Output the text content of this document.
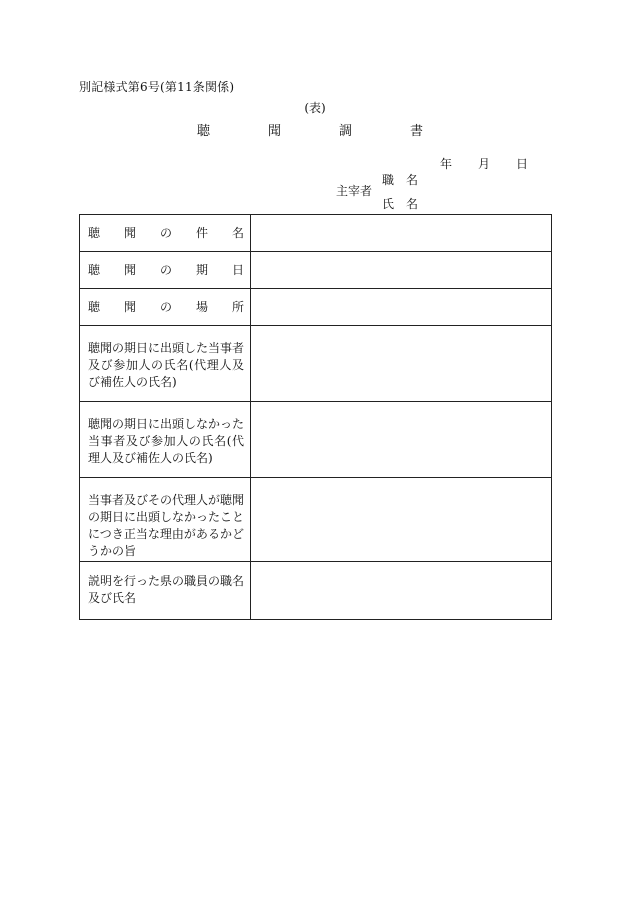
別記様式第6号(第11条関係)
(表)
聴 聞 調 書
年	月	日
主宰者
職名
氏名
聴 聞 の 件 名	

聴 聞 の 期 日	

聴 聞 の 場 所	

聴聞の期日に出頭した当事者及び参加人の氏名(代理人及び補佐人の氏名)	

聴聞の期日に出頭しなかった当事者及び参加人の氏名(代理人及び補佐人の氏名)	

当事者及びその代理人が聴聞の期日に出頭しなかったことにつき正当な理由があるかどうかの旨	

説明を行った県の職員の職名及び氏名	
